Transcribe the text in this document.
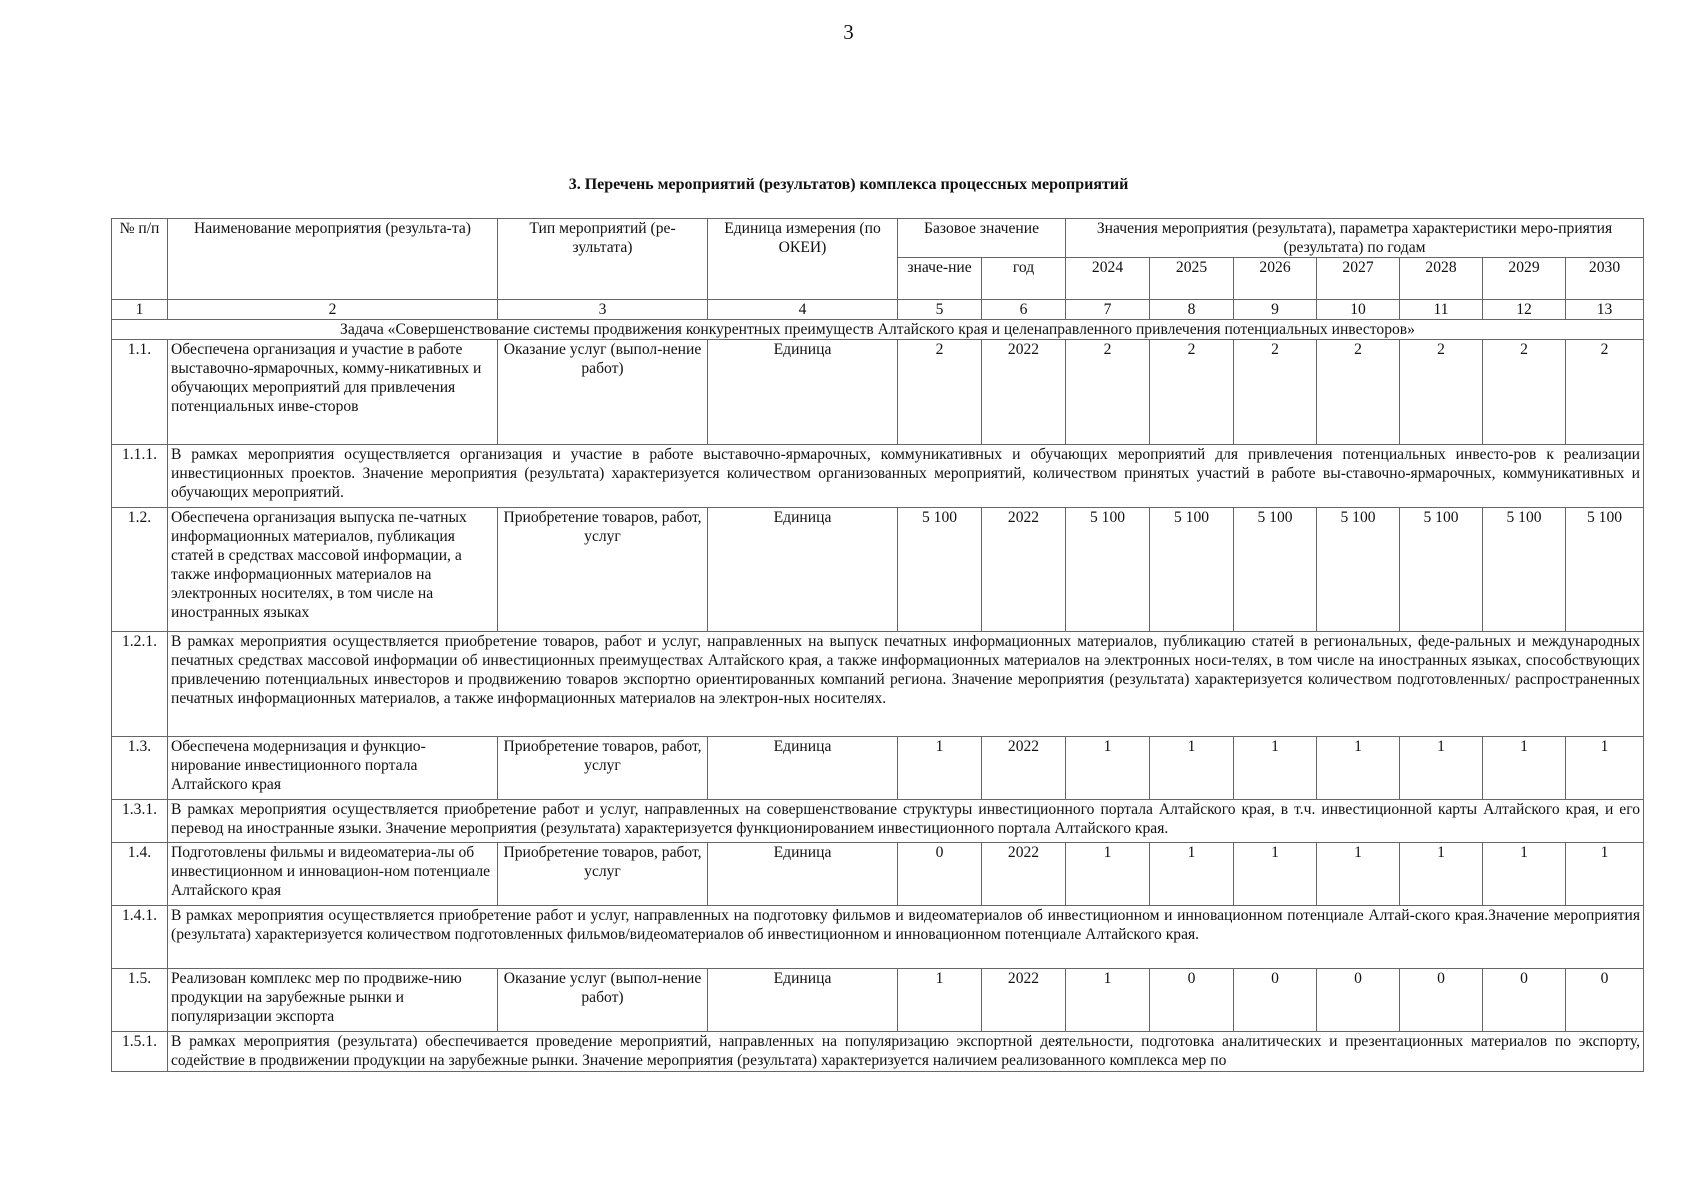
3
3. Перечень мероприятий (результатов) комплекса процессных мероприятий
№ п/п	Наименование мероприятия (результа-та)	Тип мероприятий (ре-зультата)	Единица измерения (по ОКЕИ)	Базовое значение		Значения мероприятия (результата), параметра характеристики меро-приятия (результата) по годам						
				значе-ние	год	2024	2025	2026	2027	2028	2029	2030
1	2	3	4	5	6	7	8	9	10	11	12	13
Задача «Совершенствование системы продвижения конкурентных преимуществ Алтайского края и целенаправленного привлечения потенциальных инвесторов»												
1.1.	Обеспечена организация и участие в работе выставочно-ярмарочных, комму-никативных и обучающих мероприятий для привлечения потенциальных инве-сторов	Оказание услуг (выпол-нение работ)	Единица	2	2022	2	2	2	2	2	2	2
1.1.1.	В рамках мероприятия осуществляется организация и участие в работе выставочно-ярмарочных, коммуникативных и обучающих мероприятий для привлечения потенциальных инвесто-ров к реализации инвестиционных проектов. Значение мероприятия (результата) характеризуется количеством организованных мероприятий, количеством принятых участий в работе вы-ставочно-ярмарочных, коммуникативных и обучающих мероприятий.											
1.2.	Обеспечена организация выпуска пе-чатных информационных материалов, публикация статей в средствах массовой информации, а также информационных материалов на электронных носителях, в том числе на иностранных языках	Приобретение товаров, работ, услуг	Единица	5 100	2022	5 100	5 100	5 100	5 100	5 100	5 100	5 100
1.2.1.	В рамках мероприятия осуществляется приобретение товаров, работ и услуг, направленных на выпуск печатных информационных материалов, публикацию статей в региональных, феде-ральных и международных печатных средствах массовой информации об инвестиционных преимуществах Алтайского края, а также информационных материалов на электронных носи-телях, в том числе на иностранных языках, способствующих привлечению потенциальных инвесторов и продвижению товаров экспортно ориентированных компаний региона. Значение мероприятия (результата) характеризуется количеством подготовленных/ распространенных печатных информационных материалов, а также информационных материалов на электрон-ных носителях.											
1.3.	Обеспечена модернизация и функцио-нирование инвестиционного портала Алтайского края	Приобретение товаров, работ, услуг	Единица	1	2022	1	1	1	1	1	1	1
1.3.1.	В рамках мероприятия осуществляется приобретение работ и услуг, направленных на совершенствование структуры инвестиционного портала Алтайского края, в т.ч. инвестиционной карты Алтайского края, и его перевод на иностранные языки. Значение мероприятия (результата) характеризуется функционированием инвестиционного портала Алтайского края.											
1.4.	Подготовлены фильмы и видеоматериа-лы об инвестиционном и инновацион-ном потенциале Алтайского края	Приобретение товаров, работ, услуг	Единица	0	2022	1	1	1	1	1	1	1
1.4.1.	В рамках мероприятия осуществляется приобретение работ и услуг, направленных на подготовку фильмов и видеоматериалов об инвестиционном и инновационном потенциале Алтай-ского края.Значение мероприятия (результата) характеризуется количеством подготовленных фильмов/видеоматериалов об инвестиционном и инновационном потенциале Алтайского края.											
1.5.	Реализован комплекс мер по продвиже-нию продукции на зарубежные рынки и популяризации экспорта	Оказание услуг (выпол-нение работ)	Единица	1	2022	1	0	0	0	0	0	0
1.5.1.	В рамках мероприятия (результата) обеспечивается проведение мероприятий, направленных на популяризацию экспортной деятельности, подготовка аналитических и презентационных материалов по экспорту, содействие в продвижении продукции на зарубежные рынки. Значение мероприятия (результата) характеризуется наличием реализованного комплекса мер по											
